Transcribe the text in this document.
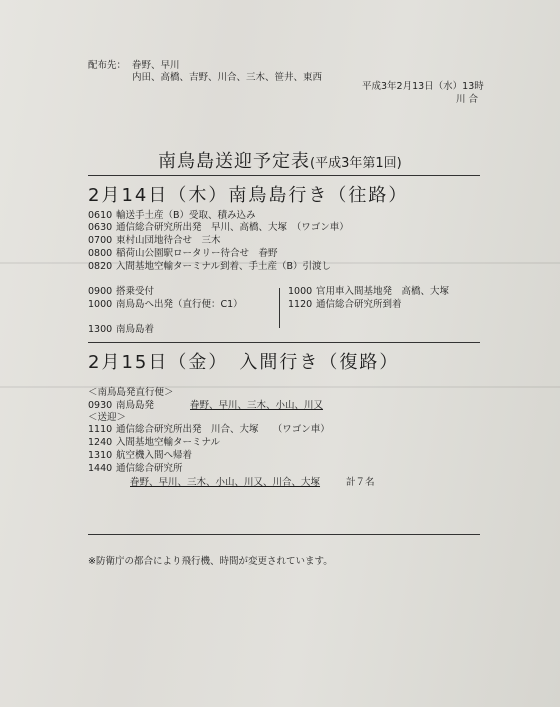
配布先： 眷野、早川
内田、高橋、吉野、川合、三木、笹井、東西
平成3年2月13日（水）13時
川 合
南鳥島送迎予定表(平成3年第1回)
2月14日（木）南鳥島行き（往路）
0610 輸送手土産（B）受取、積み込み
0630 通信総合研究所出発　早川、高橋、大塚　（ワゴン車）
0700 東村山団地待合せ　三木
0800 稲荷山公園駅ロータリー待合せ　眷野
0820 入間基地空輸ターミナル到着、手土産（B）引渡し
0900 搭乗受付
1000 南鳥島へ出発（直行便：C1）
1300 南鳥島着
1000 官用車入間基地発　高橋、大塚
1120 通信総合研究所到着
2月15日（金）　入間行き（復路）
＜南鳥島発直行便＞
0930 南鳥島発	眷野、早川、三木、小山、川又
＜送迎＞
1110 通信総合研究所出発　川合、大塚　　（ワゴン車）
1240 入間基地空輸ターミナル
1310 航空機入間へ帰着
1440 通信総合研究所
眷野、早川、三木、小山、川又、川合、大塚	計７名
※防衛庁の都合により飛行機、時間が変更されています。
